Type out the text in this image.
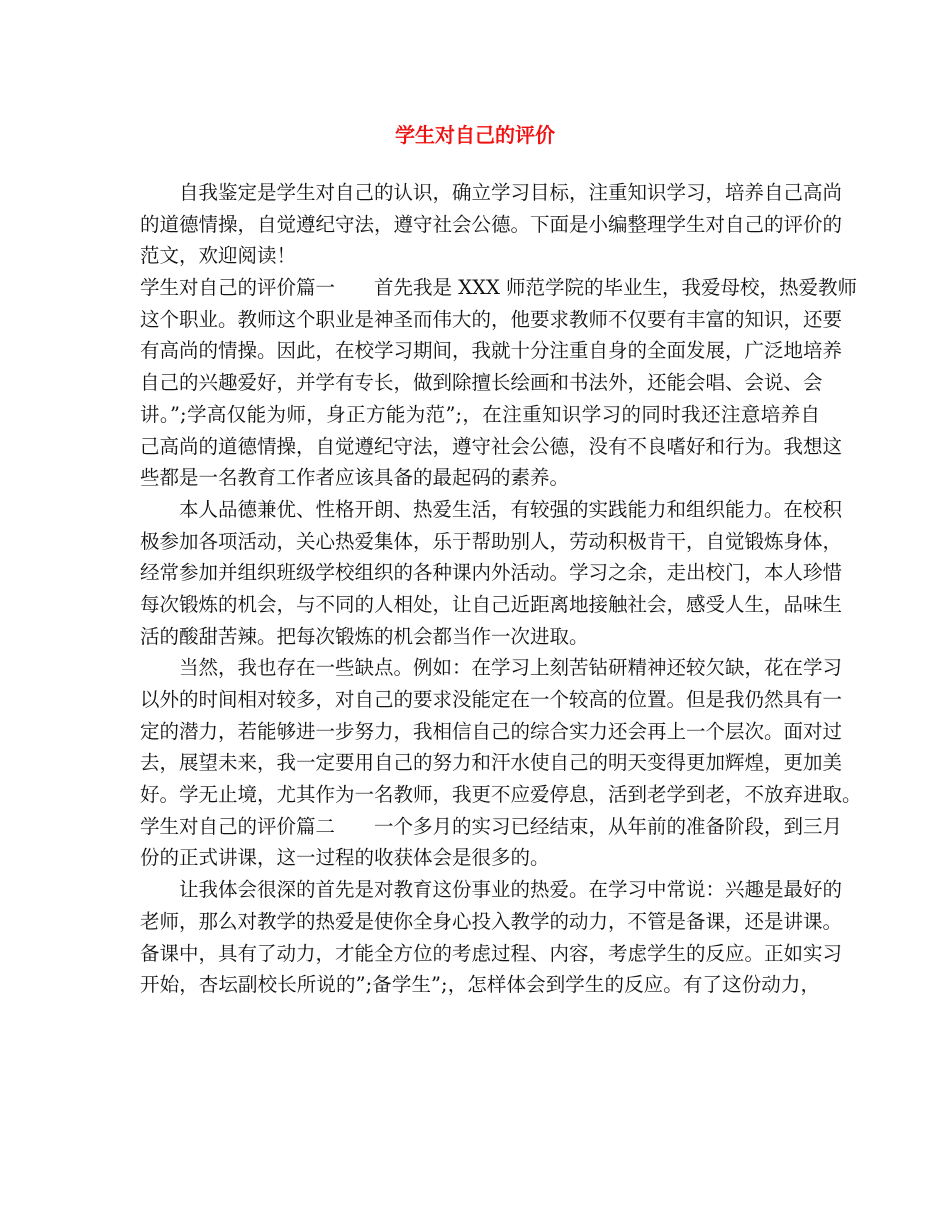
学生对自己的评价
　　自我鉴定是学生对自己的认识，确立学习目标，注重知识学习，培养自己高尚
的道德情操，自觉遵纪守法，遵守社会公德。下面是小编整理学生对自己的评价的
范文，欢迎阅读！
学生对自己的评价篇一　　首先我是 XXX 师范学院的毕业生，我爱母校，热爱教师
这个职业。教师这个职业是神圣而伟大的，他要求教师不仅要有丰富的知识，还要
有高尚的情操。因此，在校学习期间，我就十分注重自身的全面发展，广泛地培养
自己的兴趣爱好，并学有专长，做到除擅长绘画和书法外，还能会唱、会说、会
讲。”;学高仅能为师，身正方能为范”;，在注重知识学习的同时我还注意培养自
己高尚的道德情操，自觉遵纪守法，遵守社会公德，没有不良嗜好和行为。我想这
些都是一名教育工作者应该具备的最起码的素养。
　　本人品德兼优、性格开朗、热爱生活，有较强的实践能力和组织能力。在校积
极参加各项活动，关心热爱集体，乐于帮助别人，劳动积极肯干，自觉锻炼身体，
经常参加并组织班级学校组织的各种课内外活动。学习之余，走出校门，本人珍惜
每次锻炼的机会，与不同的人相处，让自己近距离地接触社会，感受人生，品味生
活的酸甜苦辣。把每次锻炼的机会都当作一次进取。
　　当然，我也存在一些缺点。例如：在学习上刻苦钻研精神还较欠缺，花在学习
以外的时间相对较多，对自己的要求没能定在一个较高的位置。但是我仍然具有一
定的潜力，若能够进一步努力，我相信自己的综合实力还会再上一个层次。面对过
去，展望未来，我一定要用自己的努力和汗水使自己的明天变得更加辉煌，更加美
好。学无止境，尤其作为一名教师，我更不应爱停息，活到老学到老，不放弃进取。
学生对自己的评价篇二　　一个多月的实习已经结束，从年前的准备阶段，到三月
份的正式讲课，这一过程的收获体会是很多的。
　　让我体会很深的首先是对教育这份事业的热爱。在学习中常说：兴趣是最好的
老师，那么对教学的热爱是使你全身心投入教学的动力，不管是备课，还是讲课。
备课中，具有了动力，才能全方位的考虑过程、内容，考虑学生的反应。正如实习
开始，杏坛副校长所说的”;备学生”;，怎样体会到学生的反应。有了这份动力，
